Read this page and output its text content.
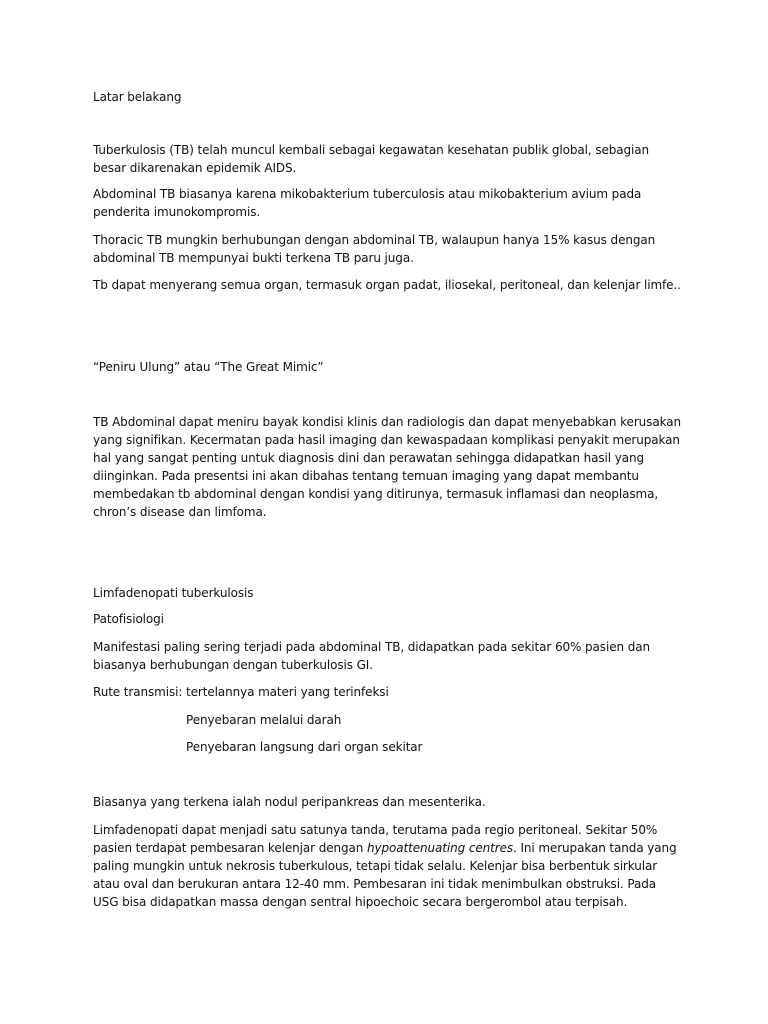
Latar belakang

Tuberkulosis (TB) telah muncul kembali sebagai kegawatan kesehatan publik global, sebagian besar dikarenakan epidemik AIDS.

Abdominal TB biasanya karena mikobakterium tuberculosis atau mikobakterium avium pada penderita imunokompromis.

Thoracic TB mungkin berhubungan dengan abdominal TB, walaupun hanya 15% kasus dengan abdominal TB mempunyai bukti terkena TB paru juga.

Tb dapat menyerang semua organ, termasuk organ padat, iliosekal, peritoneal, dan kelenjar limfe..

“Peniru Ulung” atau “The Great Mimic”

TB Abdominal dapat meniru bayak kondisi klinis dan radiologis dan dapat menyebabkan kerusakan yang signifikan. Kecermatan pada hasil imaging dan kewaspadaan komplikasi penyakit merupakan hal yang sangat penting untuk diagnosis dini dan perawatan sehingga didapatkan hasil yang diinginkan. Pada presentsi ini akan dibahas tentang temuan imaging yang dapat membantu membedakan tb abdominal dengan kondisi yang ditirunya, termasuk inflamasi dan neoplasma, chron’s disease dan limfoma.

Limfadenopati tuberkulosis

Patofisiologi

Manifestasi paling sering terjadi pada abdominal TB, didapatkan pada sekitar 60% pasien dan biasanya berhubungan dengan tuberkulosis GI.

Rute transmisi: tertelannya materi yang terinfeksi

Penyebaran melalui darah

Penyebaran langsung dari organ sekitar

Biasanya yang terkena ialah nodul peripankreas dan mesenterika.

Limfadenopati dapat menjadi satu satunya tanda, terutama pada regio peritoneal. Sekitar 50% pasien terdapat pembesaran kelenjar dengan hypoattenuating centres. Ini merupakan tanda yang paling mungkin untuk nekrosis tuberkulous, tetapi tidak selalu. Kelenjar bisa berbentuk sirkular atau oval dan berukuran antara 12-40 mm. Pembesaran ini tidak menimbulkan obstruksi. Pada USG bisa didapatkan massa dengan sentral hipoechoic secara bergerombol atau terpisah.
